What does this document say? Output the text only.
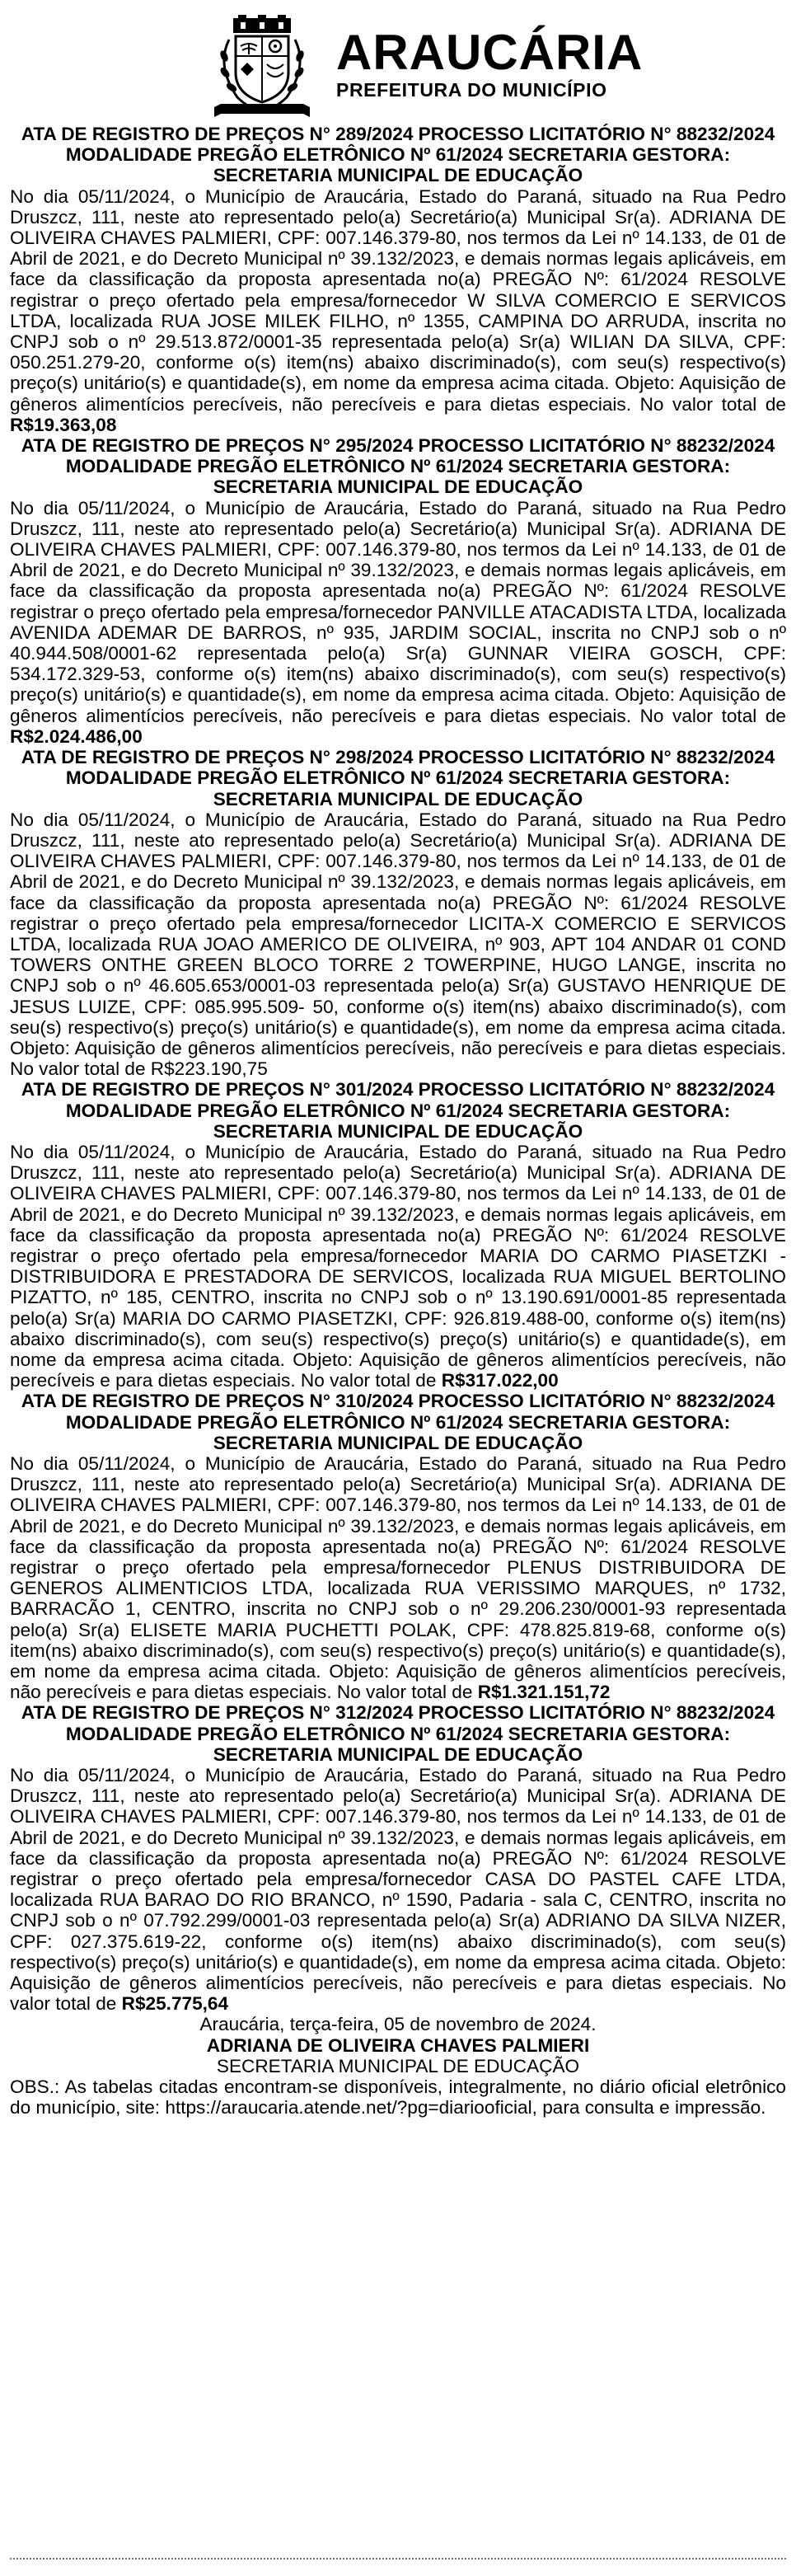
ARAUCÁRIA
PREFEITURA DO MUNICÍPIO

ATA DE REGISTRO DE PREÇOS N° 289/2024 PROCESSO LICITATÓRIO N° 88232/2024 MODALIDADE PREGÃO ELETRÔNICO Nº 61/2024 SECRETARIA GESTORA: SECRETARIA MUNICIPAL DE EDUCAÇÃO

No dia 05/11/2024, o Município de Araucária, Estado do Paraná, situado na Rua Pedro Druszcz, 111, neste ato representado pelo(a) Secretário(a) Municipal Sr(a). ADRIANA DE OLIVEIRA CHAVES PALMIERI, CPF: 007.146.379-80, nos termos da Lei nº 14.133, de 01 de Abril de 2021, e do Decreto Municipal nº 39.132/2023, e demais normas legais aplicáveis, em face da classificação da proposta apresentada no(a) PREGÃO Nº: 61/2024 RESOLVE registrar o preço ofertado pela empresa/fornecedor W SILVA COMERCIO E SERVICOS LTDA, localizada RUA JOSE MILEK FILHO, nº 1355, CAMPINA DO ARRUDA, inscrita no CNPJ sob o nº 29.513.872/0001-35 representada pelo(a) Sr(a) WILIAN DA SILVA, CPF: 050.251.279-20, conforme o(s) item(ns) abaixo discriminado(s), com seu(s) respectivo(s) preço(s) unitário(s) e quantidade(s), em nome da empresa acima citada. Objeto: Aquisição de gêneros alimentícios perecíveis, não perecíveis e para dietas especiais. No valor total de R$19.363,08

ATA DE REGISTRO DE PREÇOS N° 295/2024 PROCESSO LICITATÓRIO N° 88232/2024 MODALIDADE PREGÃO ELETRÔNICO Nº 61/2024 SECRETARIA GESTORA: SECRETARIA MUNICIPAL DE EDUCAÇÃO

No dia 05/11/2024, o Município de Araucária, Estado do Paraná, situado na Rua Pedro Druszcz, 111, neste ato representado pelo(a) Secretário(a) Municipal Sr(a). ADRIANA DE OLIVEIRA CHAVES PALMIERI, CPF: 007.146.379-80, nos termos da Lei nº 14.133, de 01 de Abril de 2021, e do Decreto Municipal nº 39.132/2023, e demais normas legais aplicáveis, em face da classificação da proposta apresentada no(a) PREGÃO Nº: 61/2024 RESOLVE registrar o preço ofertado pela empresa/fornecedor PANVILLE ATACADISTA LTDA, localizada AVENIDA ADEMAR DE BARROS, nº 935, JARDIM SOCIAL, inscrita no CNPJ sob o nº 40.944.508/0001-62 representada pelo(a) Sr(a) GUNNAR VIEIRA GOSCH, CPF: 534.172.329-53, conforme o(s) item(ns) abaixo discriminado(s), com seu(s) respectivo(s) preço(s) unitário(s) e quantidade(s), em nome da empresa acima citada. Objeto: Aquisição de gêneros alimentícios perecíveis, não perecíveis e para dietas especiais. No valor total de R$2.024.486,00

ATA DE REGISTRO DE PREÇOS N° 298/2024 PROCESSO LICITATÓRIO N° 88232/2024 MODALIDADE PREGÃO ELETRÔNICO Nº 61/2024 SECRETARIA GESTORA: SECRETARIA MUNICIPAL DE EDUCAÇÃO

No dia 05/11/2024, o Município de Araucária, Estado do Paraná, situado na Rua Pedro Druszcz, 111, neste ato representado pelo(a) Secretário(a) Municipal Sr(a). ADRIANA DE OLIVEIRA CHAVES PALMIERI, CPF: 007.146.379-80, nos termos da Lei nº 14.133, de 01 de Abril de 2021, e do Decreto Municipal nº 39.132/2023, e demais normas legais aplicáveis, em face da classificação da proposta apresentada no(a) PREGÃO Nº: 61/2024 RESOLVE registrar o preço ofertado pela empresa/fornecedor LICITA-X COMERCIO E SERVICOS LTDA, localizada RUA JOAO AMERICO DE OLIVEIRA, nº 903, APT 104 ANDAR 01 COND TOWERS ONTHE GREEN BLOCO TORRE 2 TOWERPINE, HUGO LANGE, inscrita no CNPJ sob o nº 46.605.653/0001-03 representada pelo(a) Sr(a) GUSTAVO HENRIQUE DE JESUS LUIZE, CPF: 085.995.509- 50, conforme o(s) item(ns) abaixo discriminado(s), com seu(s) respectivo(s) preço(s) unitário(s) e quantidade(s), em nome da empresa acima citada. Objeto: Aquisição de gêneros alimentícios perecíveis, não perecíveis e para dietas especiais. No valor total de R$223.190,75

ATA DE REGISTRO DE PREÇOS N° 301/2024 PROCESSO LICITATÓRIO N° 88232/2024 MODALIDADE PREGÃO ELETRÔNICO Nº 61/2024 SECRETARIA GESTORA: SECRETARIA MUNICIPAL DE EDUCAÇÃO

No dia 05/11/2024, o Município de Araucária, Estado do Paraná, situado na Rua Pedro Druszcz, 111, neste ato representado pelo(a) Secretário(a) Municipal Sr(a). ADRIANA DE OLIVEIRA CHAVES PALMIERI, CPF: 007.146.379-80, nos termos da Lei nº 14.133, de 01 de Abril de 2021, e do Decreto Municipal nº 39.132/2023, e demais normas legais aplicáveis, em face da classificação da proposta apresentada no(a) PREGÃO Nº: 61/2024 RESOLVE registrar o preço ofertado pela empresa/fornecedor MARIA DO CARMO PIASETZKI - DISTRIBUIDORA E PRESTADORA DE SERVICOS, localizada RUA MIGUEL BERTOLINO PIZATTO, nº 185, CENTRO, inscrita no CNPJ sob o nº 13.190.691/0001-85 representada pelo(a) Sr(a) MARIA DO CARMO PIASETZKI, CPF: 926.819.488-00, conforme o(s) item(ns) abaixo discriminado(s), com seu(s) respectivo(s) preço(s) unitário(s) e quantidade(s), em nome da empresa acima citada. Objeto: Aquisição de gêneros alimentícios perecíveis, não perecíveis e para dietas especiais. No valor total de R$317.022,00

ATA DE REGISTRO DE PREÇOS N° 310/2024 PROCESSO LICITATÓRIO N° 88232/2024 MODALIDADE PREGÃO ELETRÔNICO Nº 61/2024 SECRETARIA GESTORA: SECRETARIA MUNICIPAL DE EDUCAÇÃO

No dia 05/11/2024, o Município de Araucária, Estado do Paraná, situado na Rua Pedro Druszcz, 111, neste ato representado pelo(a) Secretário(a) Municipal Sr(a). ADRIANA DE OLIVEIRA CHAVES PALMIERI, CPF: 007.146.379-80, nos termos da Lei nº 14.133, de 01 de Abril de 2021, e do Decreto Municipal nº 39.132/2023, e demais normas legais aplicáveis, em face da classificação da proposta apresentada no(a) PREGÃO Nº: 61/2024 RESOLVE registrar o preço ofertado pela empresa/fornecedor PLENUS DISTRIBUIDORA DE GENEROS ALIMENTICIOS LTDA, localizada RUA VERISSIMO MARQUES, nº 1732, BARRACÃO 1, CENTRO, inscrita no CNPJ sob o nº 29.206.230/0001-93 representada pelo(a) Sr(a) ELISETE MARIA PUCHETTI POLAK, CPF: 478.825.819-68, conforme o(s) item(ns) abaixo discriminado(s), com seu(s) respectivo(s) preço(s) unitário(s) e quantidade(s), em nome da empresa acima citada. Objeto: Aquisição de gêneros alimentícios perecíveis, não perecíveis e para dietas especiais. No valor total de R$1.321.151,72

ATA DE REGISTRO DE PREÇOS N° 312/2024 PROCESSO LICITATÓRIO N° 88232/2024 MODALIDADE PREGÃO ELETRÔNICO Nº 61/2024 SECRETARIA GESTORA: SECRETARIA MUNICIPAL DE EDUCAÇÃO

No dia 05/11/2024, o Município de Araucária, Estado do Paraná, situado na Rua Pedro Druszcz, 111, neste ato representado pelo(a) Secretário(a) Municipal Sr(a). ADRIANA DE OLIVEIRA CHAVES PALMIERI, CPF: 007.146.379-80, nos termos da Lei nº 14.133, de 01 de Abril de 2021, e do Decreto Municipal nº 39.132/2023, e demais normas legais aplicáveis, em face da classificação da proposta apresentada no(a) PREGÃO Nº: 61/2024 RESOLVE registrar o preço ofertado pela empresa/fornecedor CASA DO PASTEL CAFE LTDA, localizada RUA BARAO DO RIO BRANCO, nº 1590, Padaria - sala C, CENTRO, inscrita no CNPJ sob o nº 07.792.299/0001-03 representada pelo(a) Sr(a) ADRIANO DA SILVA NIZER, CPF: 027.375.619-22, conforme o(s) item(ns) abaixo discriminado(s), com seu(s) respectivo(s) preço(s) unitário(s) e quantidade(s), em nome da empresa acima citada. Objeto: Aquisição de gêneros alimentícios perecíveis, não perecíveis e para dietas especiais. No valor total de R$25.775,64

Araucária, terça-feira, 05 de novembro de 2024.

ADRIANA DE OLIVEIRA CHAVES PALMIERI

SECRETARIA MUNICIPAL DE EDUCAÇÃO

OBS.: As tabelas citadas encontram-se disponíveis, integralmente, no diário oficial eletrônico do município, site: https://araucaria.atende.net/?pg=diariooficial, para consulta e impressão.
